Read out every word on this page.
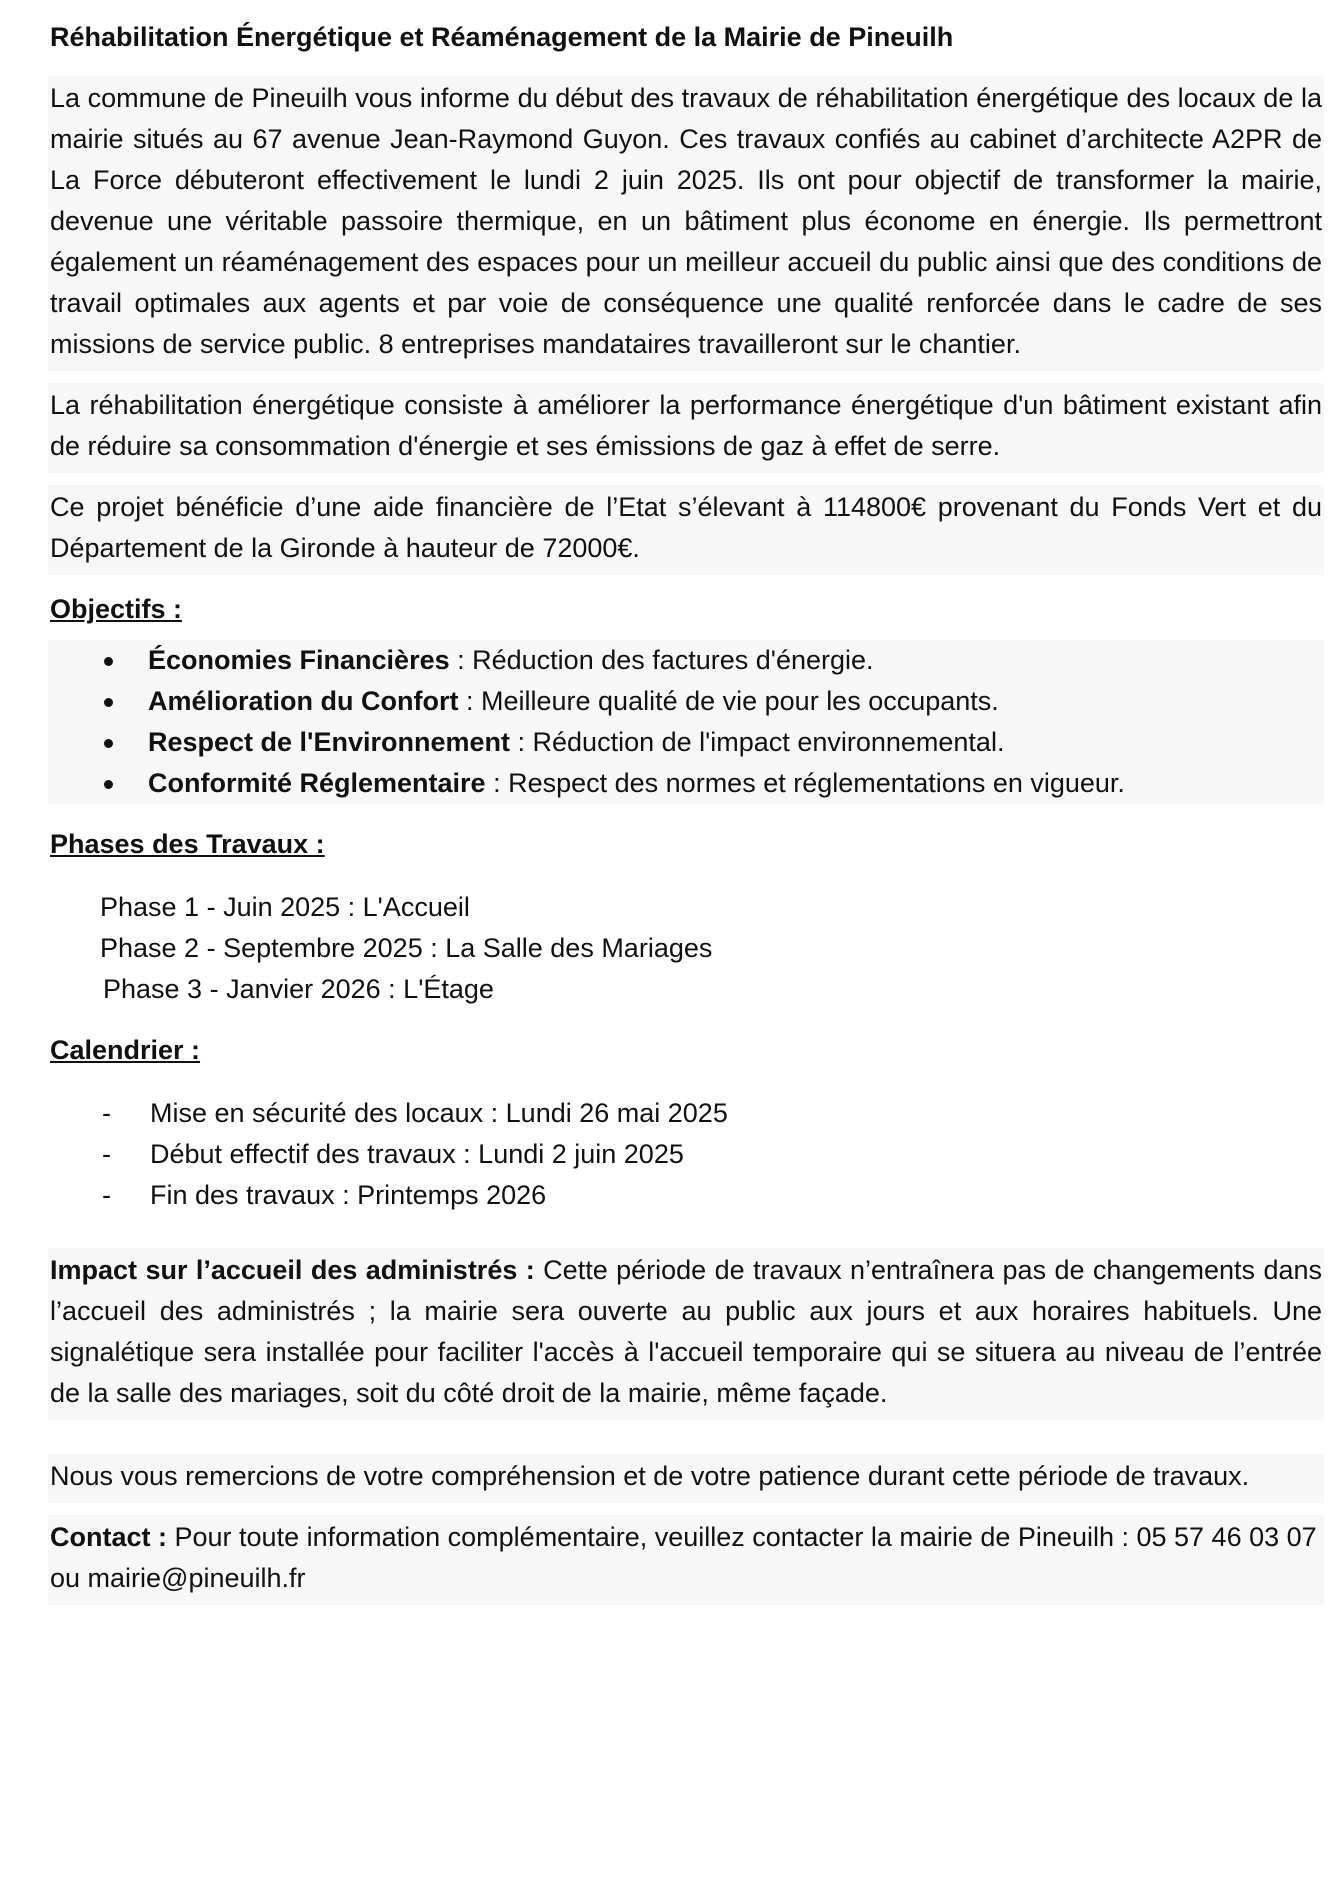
Réhabilitation Énergétique et Réaménagement de la Mairie de Pineuilh
La commune de Pineuilh vous informe du début des travaux de réhabilitation énergétique des locaux de la mairie situés au 67 avenue Jean-Raymond Guyon. Ces travaux confiés au cabinet d’architecte A2PR de La Force débuteront effectivement le lundi 2 juin 2025. Ils ont pour objectif de transformer la mairie, devenue une véritable passoire thermique, en un bâtiment plus économe en énergie. Ils permettront également un réaménagement des espaces pour un meilleur accueil du public ainsi que des conditions de travail optimales aux agents et par voie de conséquence une qualité renforcée dans le cadre de ses missions de service public. 8 entreprises mandataires travailleront sur le chantier.
La réhabilitation énergétique consiste à améliorer la performance énergétique d'un bâtiment existant afin de réduire sa consommation d'énergie et ses émissions de gaz à effet de serre.
Ce projet bénéficie d’une aide financière de l’Etat s’élevant à 114800€ provenant du Fonds Vert et du Département de la Gironde à hauteur de 72000€.
Objectifs :
Économies Financières : Réduction des factures d'énergie.
Amélioration du Confort : Meilleure qualité de vie pour les occupants.
Respect de l'Environnement : Réduction de l'impact environnemental.
Conformité Réglementaire : Respect des normes et réglementations en vigueur.
Phases des Travaux :
Phase 1 - Juin 2025 : L'Accueil
Phase 2 - Septembre 2025 : La Salle des Mariages
Phase 3 - Janvier 2026 : L'Étage
Calendrier :
- Mise en sécurité des locaux : Lundi 26 mai 2025
- Début effectif des travaux : Lundi 2 juin 2025
- Fin des travaux : Printemps 2026
Impact sur l’accueil des administrés : Cette période de travaux n’entraînera pas de changements dans l’accueil des administrés ; la mairie sera ouverte au public aux jours et aux horaires habituels. Une signalétique sera installée pour faciliter l'accès à l'accueil temporaire qui se situera au niveau de l’entrée de la salle des mariages, soit du côté droit de la mairie, même façade.
Nous vous remercions de votre compréhension et de votre patience durant cette période de travaux.
Contact : Pour toute information complémentaire, veuillez contacter la mairie de Pineuilh : 05 57 46 03 07 ou mairie@pineuilh.fr
